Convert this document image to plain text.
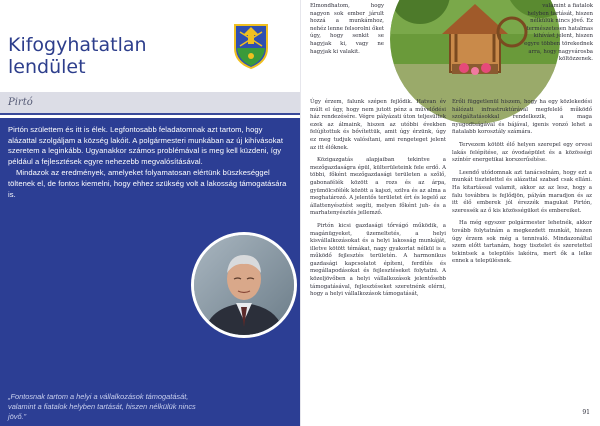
Kifogyhatatlan lendület
Pirtó

Pirtón születtem és itt is élek. Legfontosabb feladatomnak azt tartom, hogy alázattal szolgáljam a község lakóit. A polgármesteri munkában az új kihívásokat szeretem a leginkább. Ugyanakkor számos problémával is meg kell küzdeni, így például a fejlesztések egyre nehezebb megvalósításával.

Mindazok az eredmények, amelyeket folyamatosan elértünk büszkeséggel töltenek el, de fontos kiemelni, hogy ehhez szükség volt a lakosság támogatására is.

„Fontosnak tartom a helyi a vállalkozások támogatását, valamint a fiatalok helyben tartását, hiszen nélkülük nincs jövő.”
Elmondhatom, hogy nagyon sok ember járult hozzá a munkámhoz, nehéz lenne felsorolni őket úgy, hogy senkit se hagyjak ki, vagy ne hagyjak ki valakit.
valamint a fiatalok helyben tartását, hiszen nélkülük nincs jövő. Ez természetesen hatalmas kihívást jelent, hiszen egyre többen törekednek arra, hogy nagyvárosba költözzenek.

Úgy érzem, falunk szépen fejlődik. Hatvan év múlt el úgy, hogy nem jutott pénz a művelődési ház rendezésére. Végre pályázati úton teljesültek ezek az álmaink, hiszen az utóbbi években felújítottuk és bővítettük, amit úgy érzünk, úgy ez meg tudjuk valósítani, ami rengeteget jelent az itt élőknek.

Közigazgatás alapjaiban tekintve a mezőgazdaságra épül, külterületeink fele erdő. A többi, főként mezőgazdasági területen a szőlő, gabonafélék között a rozs és az árpa, gyümölcsfélék között a kajszi, szilva és az alma a meghatározó. A jelentős területet ért és legelő az állattenyésztést segíti, melyen főként juh- és a marhatenyésztés jellemző.

Pirtón kicsi gazdasági tőrvágó működik, a magánügyeket, üzemeltetés, a helyi kisvállalkozásokat és a helyi lakosság munkáját, illetve kötött témákat, nagy gyakorlat nélkül is a működő fejlesztés területén. A harmonikus gazdasági kapcsolatot építeni, ferdítés és megállapodásokat és fejlesztéseket folytatni. A közeljövőben a helyi vállalkozások jelentősebb támogatásával, fejlesztéseket szeretnénk elérni, hogy a helyi vállalkozások támogatását,

Erőli függetlenül hiszem, hogy ha egy közlekedési hálózati infrastruktúrával megfelelő működő szolgáltatásokkal rendelkezik, a maga nyugodtságával és bájával, igenis vonzó lehet a fiatalabb korosztály számára.

Tervezem kötött élő helyen szerepel egy orvosi lakás felépítése, az óvodaépület és a közösségi színtér energetikai korszerűsítése.

Leendő utódomnak azt tanácsolnám, hogy ezt a munkát tisztelettel és alázattal szabad csak elláni. Ha kitartással valamit, akkor az az lesz, hogy a falu továbbra is fejlődjön, pályán maradjon és az itt élő emberek jól érezzék magukat Pirtón, szeressék az ő kis közösségüket és embereiket.

Ha még egyszer polgármester lehetnék, akkor tovább folytatnám a megkezdett munkát, hiszen úgy érzem sok még a tennivaló. Mindazonáltal szem előtt tartanám, hogy tisztelet és szeretettel tekintsek a település lakóira, mert ők a lelke ennek a településnek.

91
